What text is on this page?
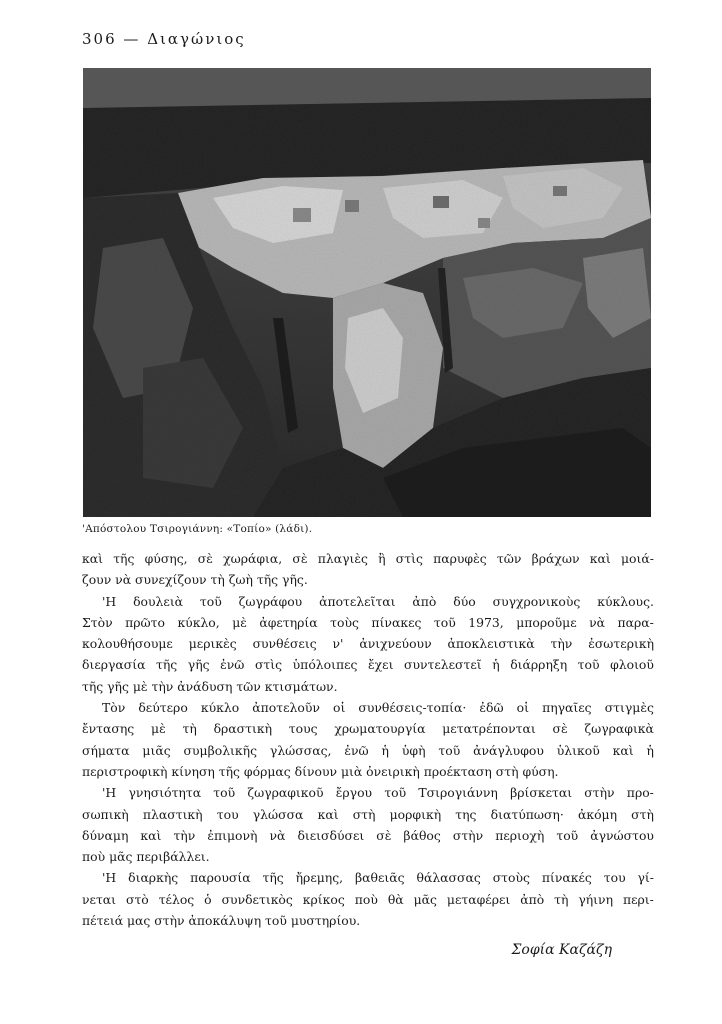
306 — Διαγώνιος
'Απόστολου Τσιρογιάννη: «Τοπίο» (λάδι).
καὶ τῆς φύσης, σὲ χωράφια, σὲ πλαγιὲς ἢ στὶς παρυφὲς τῶν βράχων καὶ μοιά-
ζουν νὰ συνεχίζουν τὴ ζωὴ τῆς γῆς.
'Η δουλειὰ τοῦ ζωγράφου ἀποτελεῖται ἀπὸ δύο συγχρονικοὺς κύκλους.
Στὸν πρῶτο κύκλο, μὲ ἀφετηρία τοὺς πίνακες τοῦ 1973, μποροῦμε νὰ παρα-
κολουθήσουμε μερικὲς συνθέσεις ν' ἀνιχνεύουν ἀποκλειστικὰ τὴν ἐσωτερικὴ
διεργασία τῆς γῆς ἐνῶ στὶς ὑπόλοιπες ἔχει συντελεστεῖ ἡ διάρρηξη τοῦ φλοιοῦ
τῆς γῆς μὲ τὴν ἀνάδυση τῶν κτισμάτων.
Τὸν δεύτερο κύκλο ἀποτελοῦν οἱ συνθέσεις-τοπία· ἐδῶ οἱ πηγαῖες στιγμὲς
ἔντασης μὲ τὴ δραστικὴ τους χρωματουργία μετατρέπονται σὲ ζωγραφικὰ
σήματα μιᾶς συμβολικῆς γλώσσας, ἐνῶ ἡ ὑφὴ τοῦ ἀνάγλυφου ὑλικοῦ καὶ ἡ
περιστροφικὴ κίνηση τῆς φόρμας δίνουν μιὰ ὀνειρικὴ προέκταση στὴ φύση.
'Η γνησιότητα τοῦ ζωγραφικοῦ ἔργου τοῦ Τσιρογιάννη βρίσκεται στὴν προ-
σωπικὴ πλαστικὴ του γλώσσα καὶ στὴ μορφικὴ της διατύπωση· ἀκόμη στὴ
δύναμη καὶ τὴν ἐπιμονὴ νὰ διεισδύσει σὲ βάθος στὴν περιοχὴ τοῦ ἀγνώστου
ποὺ μᾶς περιβάλλει.
'Η διαρκὴς παρουσία τῆς ἤρεμης, βαθειᾶς θάλασσας στοὺς πίνακές του γί-
νεται στὸ τέλος ὁ συνδετικὸς κρίκος ποὺ θὰ μᾶς μεταφέρει ἀπὸ τὴ γήινη περι-
πέτειά μας στὴν ἀποκάλυψη τοῦ μυστηρίου.
Σοφία Καζάζη
